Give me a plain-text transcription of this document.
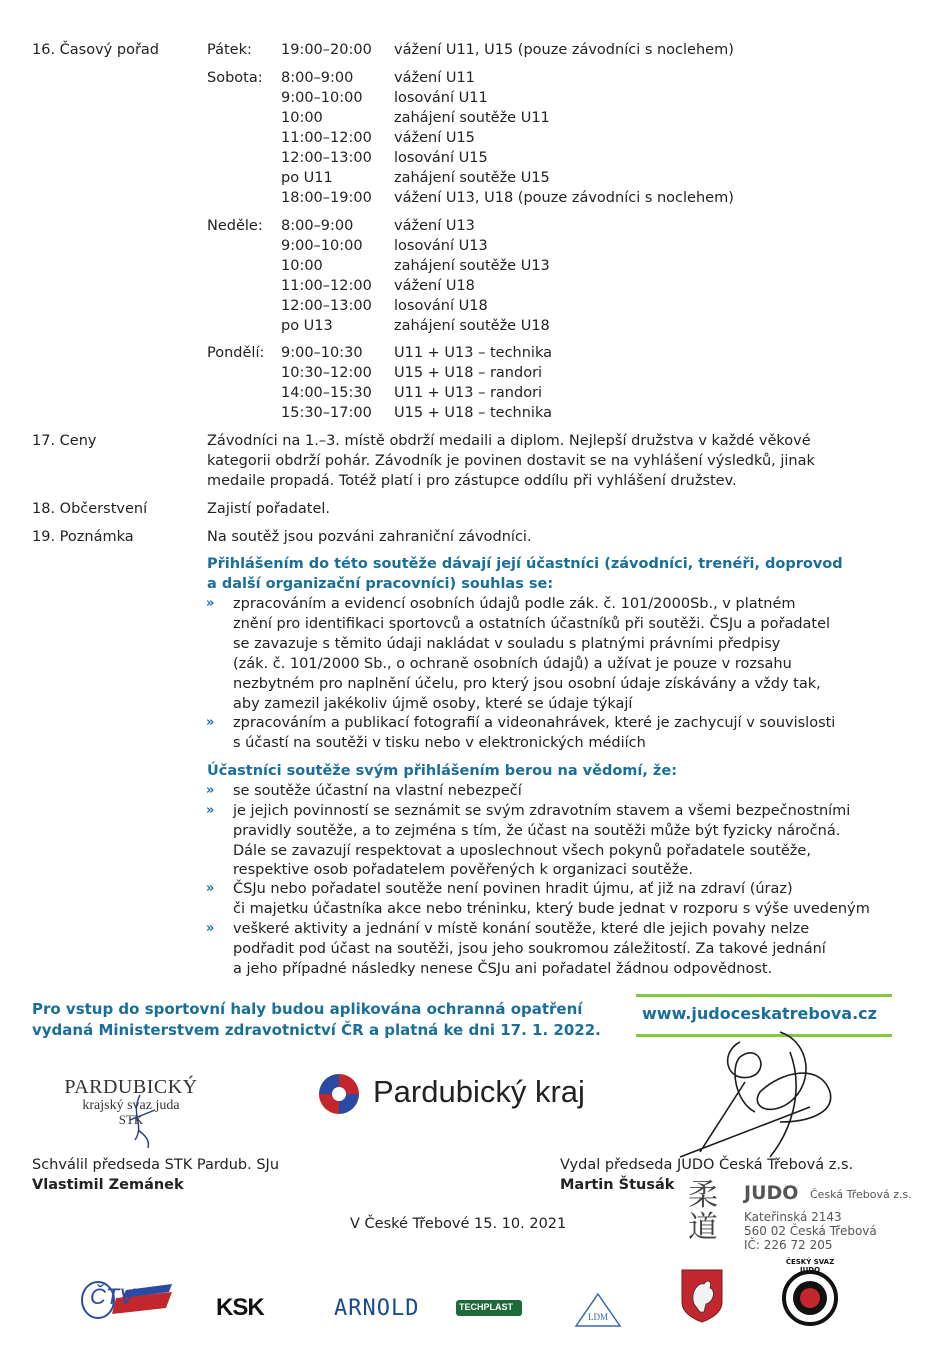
16. Časový pořad	Pátek: 19:00–20:00 vážení U11, U15 (pouze závodníci s noclehem)
Sobota: 8:00–9:00	vážení U11
9:00–10:00 losování U11
10:00	zahájení soutěže U11
11:00–12:00 vážení U15
12:00–13:00 losování U15
po U11	zahájení soutěže U15
18:00–19:00 vážení U13, U18 (pouze závodníci s noclehem)
Neděle: 8:00–9:00	vážení U13
9:00–10:00 losování U13
10:00	zahájení soutěže U13
11:00–12:00 vážení U18
12:00–13:00 losování U18
po U13	zahájení soutěže U18
Pondělí: 9:00–10:30 U11 + U13 – technika
10:30–12:00 U15 + U18 – randori
14:00–15:30 U11 + U13 – randori
15:30–17:00 U15 + U18 – technika
17. Ceny	Závodníci na 1.–3. místě obdrží medaili a diplom. Nejlepší družstva v každé věkové
kategorii obdrží pohár. Závodník je povinen dostavit se na vyhlášení výsledků, jinak
medaile propadá. Totéž platí i pro zástupce oddílu při vyhlášení družstev.
18. Občerstvení	Zajistí pořadatel.
19. Poznámka	Na soutěž jsou pozváni zahraniční závodníci.
Přihlášením do této soutěže dávají její účastníci (závodníci, trenéři, doprovod
a další organizační pracovníci) souhlas se:
» zpracováním a evidencí osobních údajů podle zák. č. 101/2000Sb., v platném
znění pro identifikaci sportovců a ostatních účastníků při soutěži. ČSJu a pořadatel
se zavazuje s těmito údaji nakládat v souladu s platnými právními předpisy
(zák. č. 101/2000 Sb., o ochraně osobních údajů) a užívat je pouze v rozsahu
nezbytném pro naplnění účelu, pro který jsou osobní údaje získávány a vždy tak,
aby zamezil jakékoliv újmě osoby, které se údaje týkají
» zpracováním a publikací fotografií a videonahrávek, které je zachycují v souvislosti
s účastí na soutěži v tisku nebo v elektronických médiích
Účastníci soutěže svým přihlášením berou na vědomí, že:
» se soutěže účastní na vlastní nebezpečí
» je jejich povinností se seznámit se svým zdravotním stavem a všemi bezpečnostními
pravidly soutěže, a to zejména s tím, že účast na soutěži může být fyzicky náročná.
Dále se zavazují respektovat a uposlechnout všech pokynů pořadatele soutěže,
respektive osob pořadatelem pověřených k organizaci soutěže.
» ČSJu nebo pořadatel soutěže není povinen hradit újmu, ať již na zdraví (úraz)
či majetku účastníka akce nebo tréninku, který bude jednat v rozporu s výše uvedeným
» veškeré aktivity a jednání v místě konání soutěže, které dle jejich povahy nelze
podřadit pod účast na soutěži, jsou jeho soukromou záležitostí. Za takové jednání
a jeho případné následky nenese ČSJu ani pořadatel žádnou odpovědnost.
Pro vstup do sportovní haly budou aplikována ochranná opatření
vydaná Ministerstvem zdravotnictví ČR a platná ke dni 17. 1. 2022.
www.judoceskatrebova.cz
PARDUBICKÝ
krajský svaz juda
STK
Pardubický kraj
Schválil předseda STK Pardub. SJu
Vlastimil Zemánek
Vydal předseda JUDO Česká Třebová z.s.
Martin Štusák
V České Třebové 15. 10. 2021
柔
道
JUDO Česká Třebová z.s.
Kateřinská 2143
560 02 Česká Třebová
IČ: 226 72 205
ČTV	KSK	ARNOLD	TECHPLAST
LDM
ČESKÝ SVAZ JUDO
